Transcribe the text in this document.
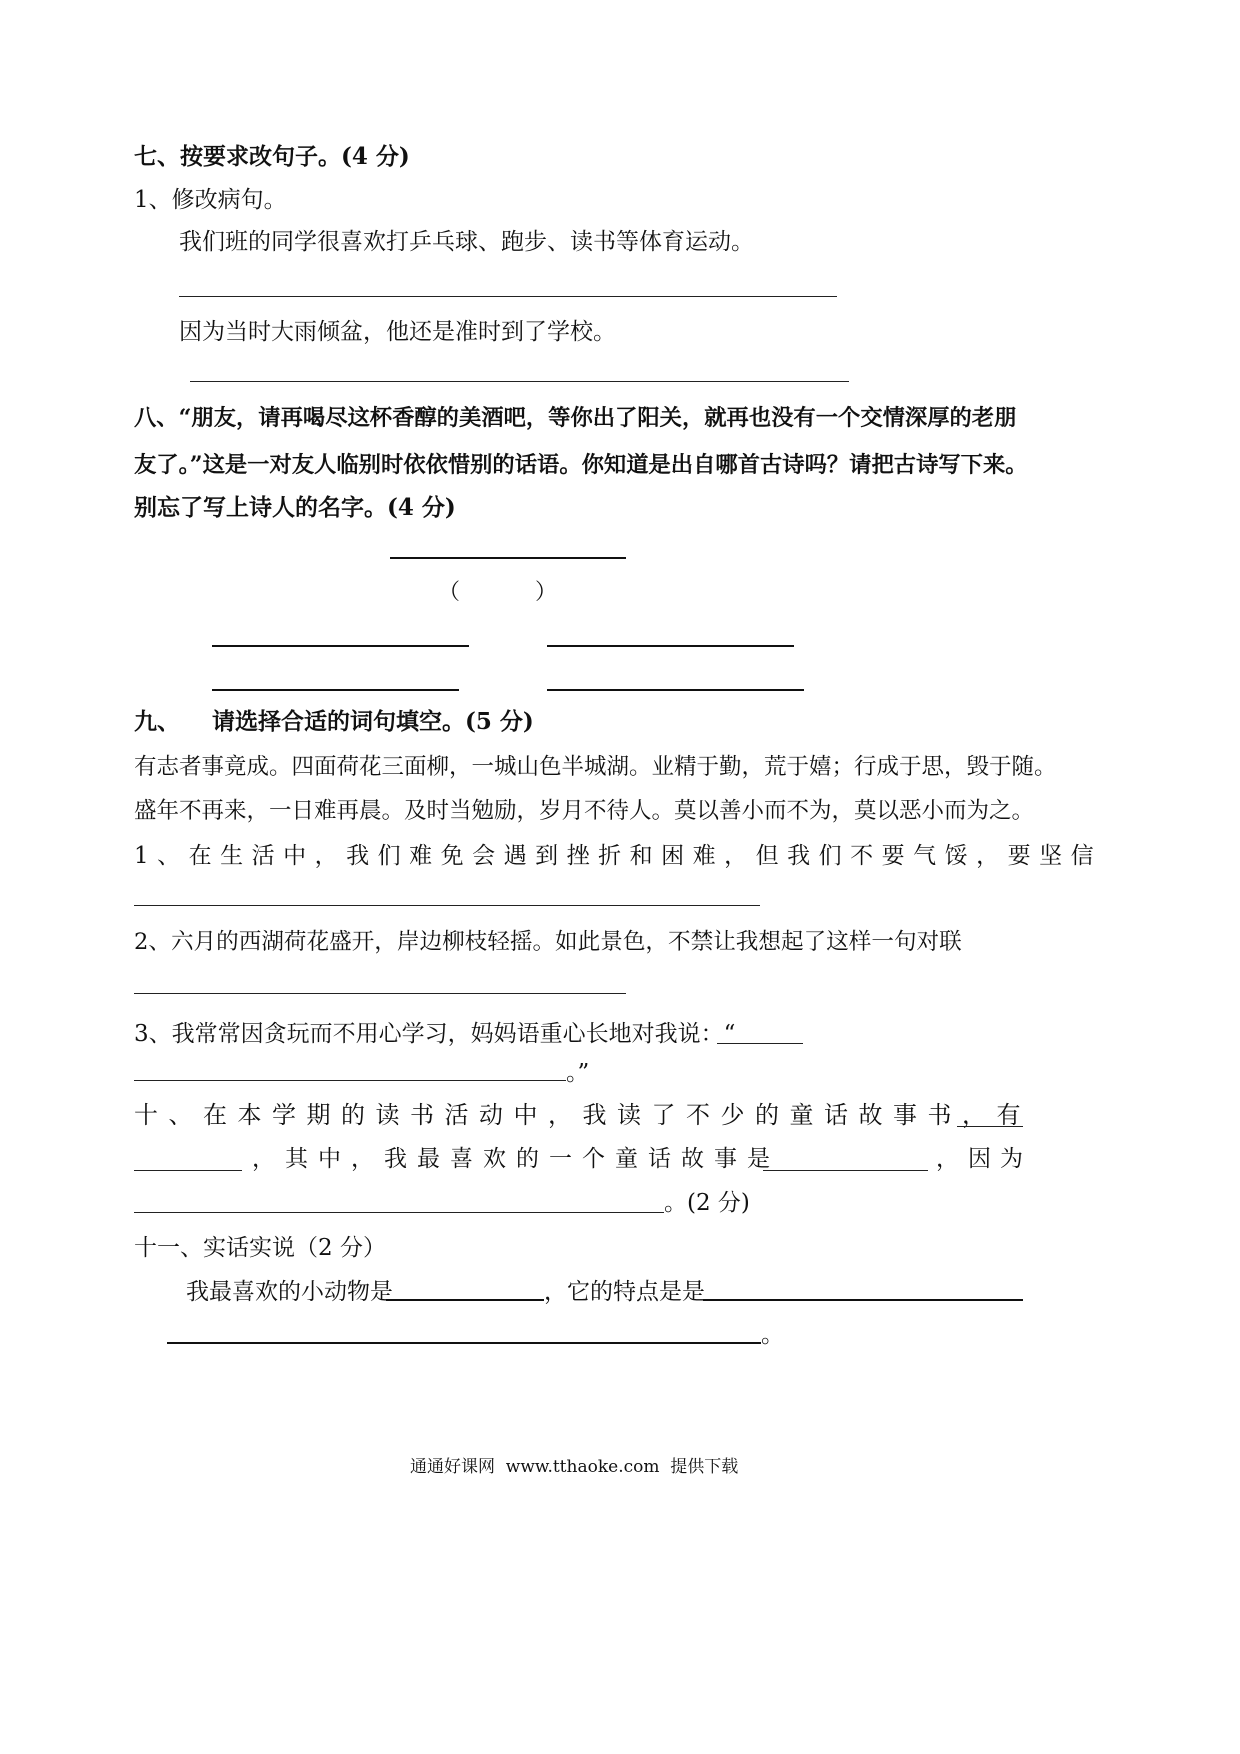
七、按要求改句子。(4 分)
1、修改病句。
我们班的同学很喜欢打乒乓球、跑步、读书等体育运动。
因为当时大雨倾盆，他还是准时到了学校。
八、“朋友，请再喝尽这杯香醇的美酒吧，等你出了阳关，就再也没有一个交情深厚的老朋
友了。”这是一对友人临别时依依惜别的话语。你知道是出自哪首古诗吗？请把古诗写下来。
别忘了写上诗人的名字。(4 分)
（	）
九、    请选择合适的词句填空。(5 分)
有志者事竟成。四面荷花三面柳，一城山色半城湖。业精于勤，荒于嬉；行成于思，毁于随。
盛年不再来，一日难再晨。及时当勉励，岁月不待人。莫以善小而不为，莫以恶小而为之。
1、在生活中，我们难免会遇到挫折和困难，但我们不要气馁，要坚信
2、六月的西湖荷花盛开，岸边柳枝轻摇。如此景色，不禁让我想起了这样一句对联
3、我常常因贪玩而不用心学习，妈妈语重心长地对我说：“
。”
十、在本学期的读书活动中，我读了不少的童话故事书，有
，其中，我最喜欢的一个童话故事是	，因为
。(2 分)
十一、实话实说（2 分）
我最喜欢的小动物是	，它的特点是是
。
通通好课网  www.tthaoke.com  提供下载
